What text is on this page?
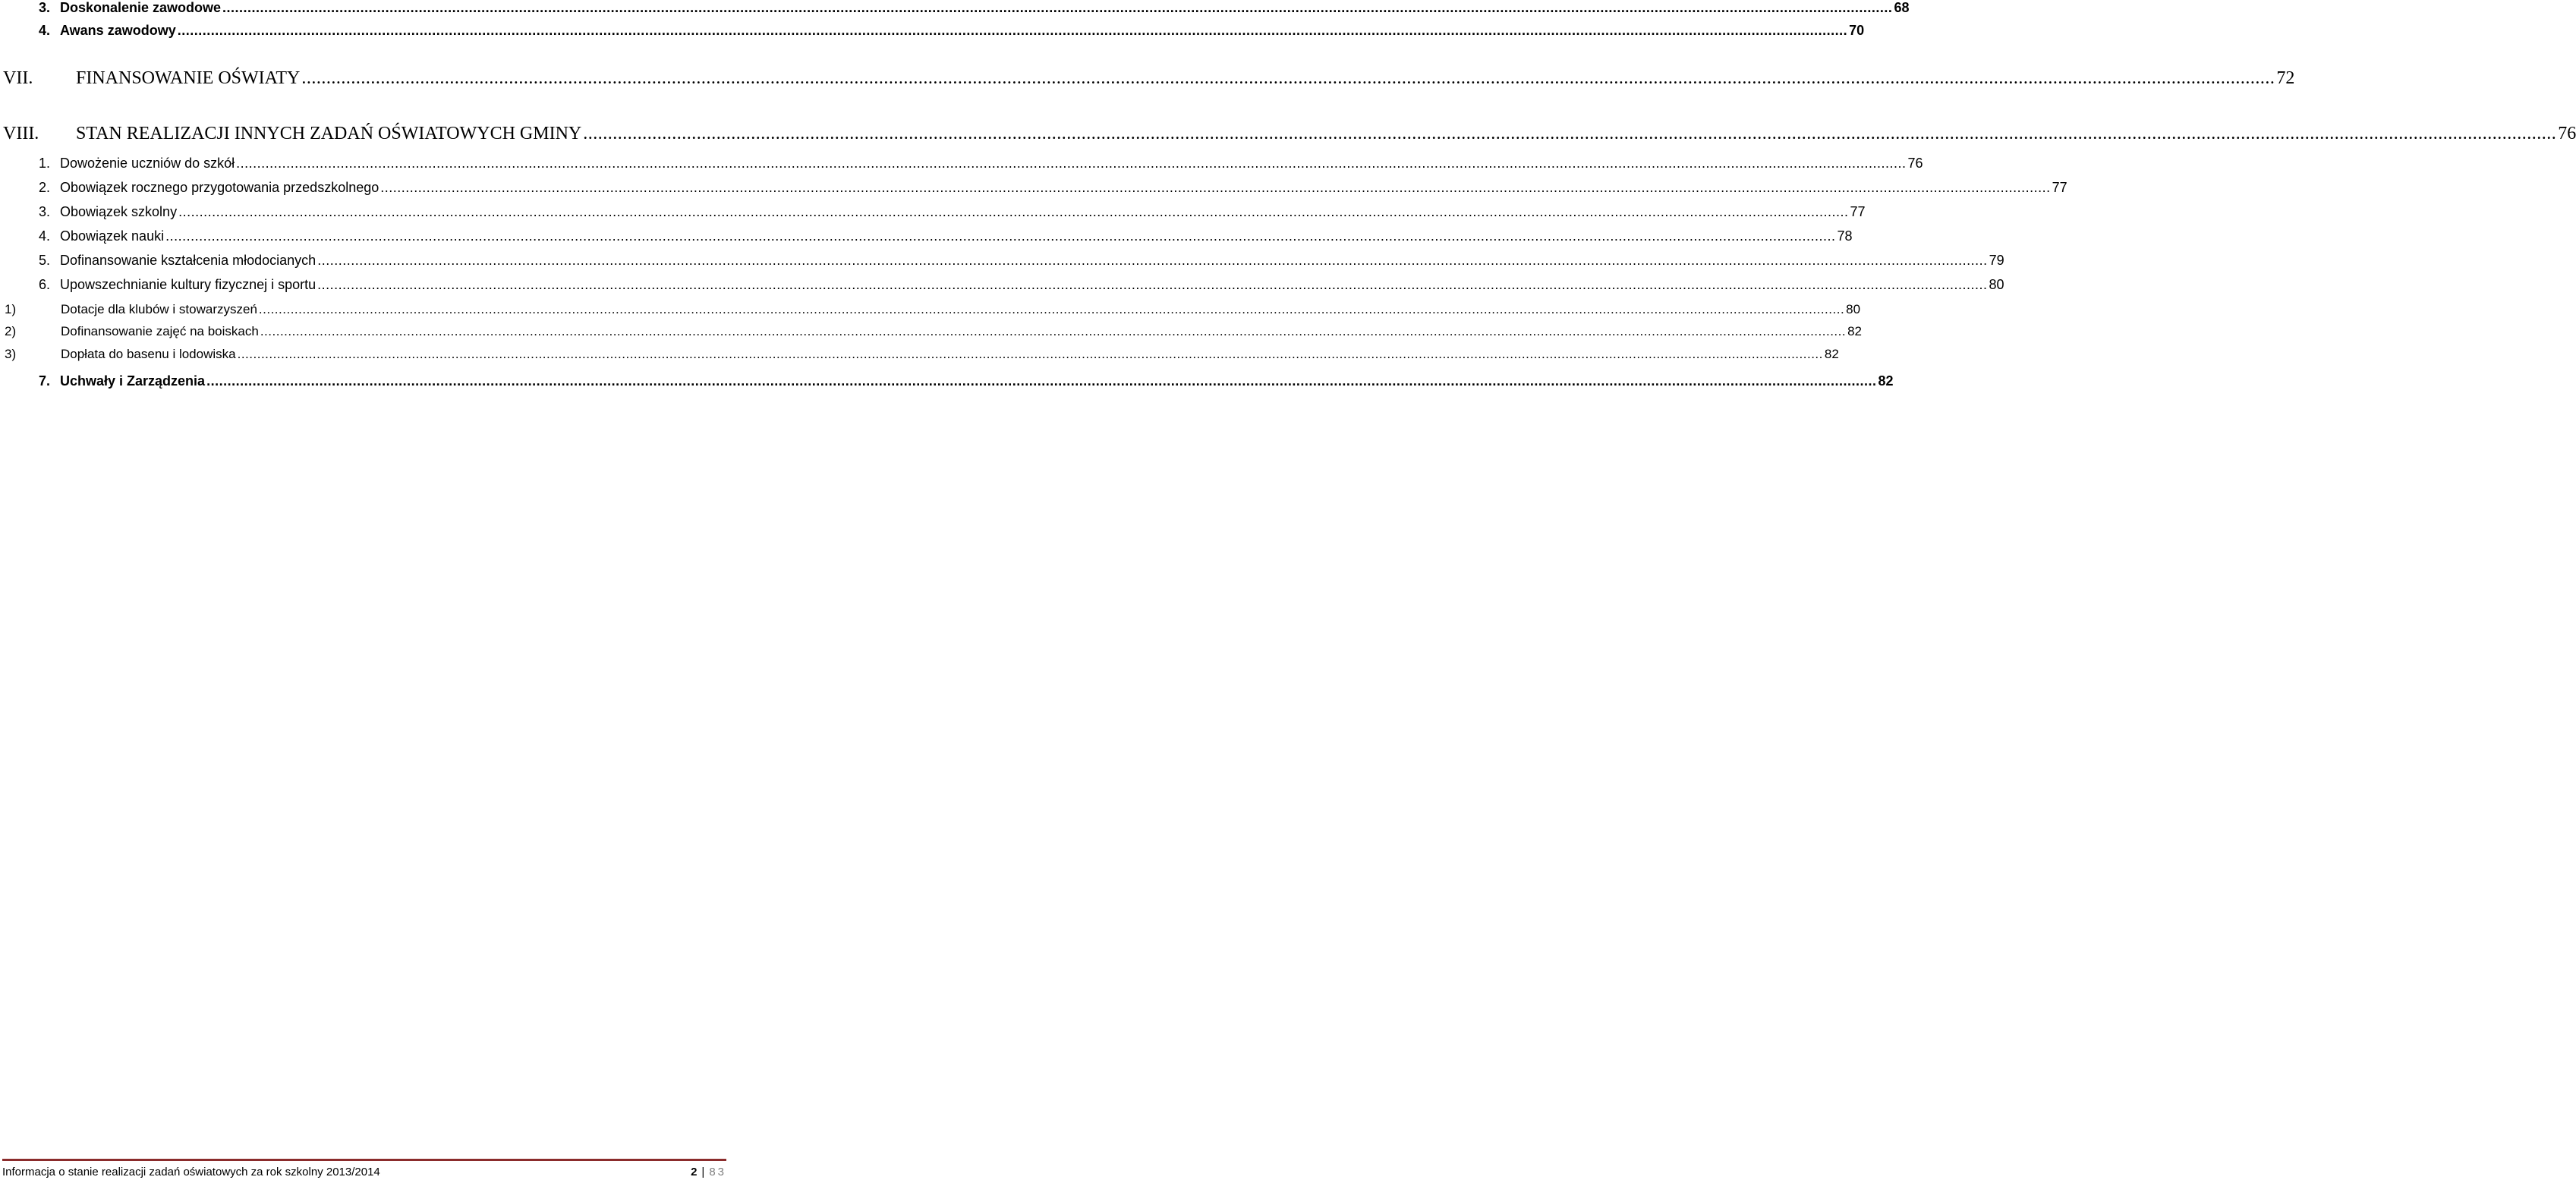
3. Doskonalenie zawodowe ................................................................................................................................................................................................................................................................................................................................................................................................................ 68
4. Awans zawodowy ................................................................................................................................................................................................................................................................................................................................................................................................................ 70
VII.	FINANSOWANIE OŚWIATY ................................................................................................................................................................................................................................................................................................................................................................................................................ 72
VIII.	STAN REALIZACJI INNYCH ZADAŃ OŚWIATOWYCH GMINY ................................................................................................................................................................................................................................................................................................................................................................................................................ 76
1. Dowożenie uczniów do szkół ................................................................................................................................................................................................................................................................................................................................................................................................................ 76
2. Obowiązek rocznego przygotowania przedszkolnego ................................................................................................................................................................................................................................................................................................................................................................................................................ 77
3. Obowiązek szkolny ................................................................................................................................................................................................................................................................................................................................................................................................................ 77
4. Obowiązek nauki ................................................................................................................................................................................................................................................................................................................................................................................................................ 78
5. Dofinansowanie kształcenia młodocianych ................................................................................................................................................................................................................................................................................................................................................................................................................ 79
6. Upowszechnianie kultury fizycznej i sportu ................................................................................................................................................................................................................................................................................................................................................................................................................ 80
1)	Dotacje dla klubów i stowarzyszeń ................................................................................................................................................................................................................................................................................................................................................................................................................ 80
2)	Dofinansowanie zajęć na boiskach ................................................................................................................................................................................................................................................................................................................................................................................................................ 82
3)	Dopłata do basenu i lodowiska ................................................................................................................................................................................................................................................................................................................................................................................................................ 82
7. Uchwały i Zarządzenia ................................................................................................................................................................................................................................................................................................................................................................................................................ 82
Informacja o stanie realizacji zadań oświatowych za rok szkolny 2013/2014	2 | 83
